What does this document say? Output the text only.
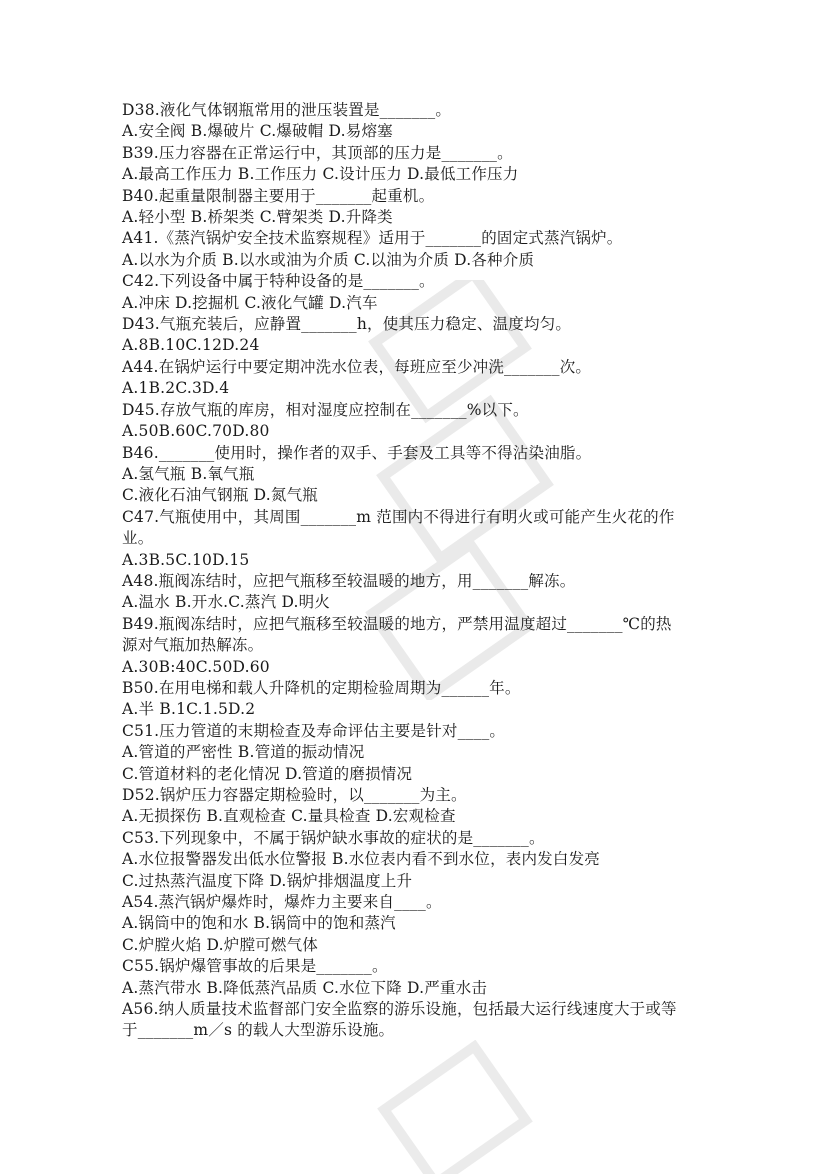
D38.液化气体钢瓶常用的泄压装置是_______。
A.安全阀 B.爆破片 C.爆破帽 D.易熔塞
B39.压力容器在正常运行中，其顶部的压力是_______。
A.最高工作压力 B.工作压力 C.设计压力 D.最低工作压力
B40.起重量限制器主要用于_______起重机。
A.轻小型 B.桥架类 C.臂架类 D.升降类
A41.《蒸汽锅炉安全技术监察规程》适用于_______的固定式蒸汽锅炉。
A.以水为介质 B.以水或油为介质 C.以油为介质 D.各种介质
C42.下列设备中属于特种设备的是_______。
A.冲床 D.挖掘机 C.液化气罐 D.汽车
D43.气瓶充装后，应静置_______h，使其压力稳定、温度均匀。
A.8B.10C.12D.24
A44.在锅炉运行中要定期冲洗水位表，每班应至少冲洗_______次。
A.1B.2C.3D.4
D45.存放气瓶的库房，相对湿度应控制在_______%以下。
A.50B.60C.70D.80
B46._______使用时，操作者的双手、手套及工具等不得沾染油脂。
A.氢气瓶 B.氧气瓶
C.液化石油气钢瓶 D.氮气瓶
C47.气瓶使用中，其周围_______m 范围内不得进行有明火或可能产生火花的作
业。
A.3B.5C.10D.15
A48.瓶阀冻结时，应把气瓶移至较温暖的地方，用_______解冻。
A.温水 B.开水.C.蒸汽 D.明火
B49.瓶阀冻结时，应把气瓶移至较温暖的地方，严禁用温度超过_______℃的热
源对气瓶加热解冻。
A.30B:40C.50D.60
B50.在用电梯和载人升降机的定期检验周期为______年。
A.半 B.1C.1.5D.2
C51.压力管道的末期检查及寿命评估主要是针对____。
A.管道的严密性 B.管道的振动情况
C.管道材料的老化情况 D.管道的磨损情况
D52.锅炉压力容器定期检验时，以_______为主。
A.无损探伤 B.直观检查 C.量具检查 D.宏观检查
C53.下列现象中，不属于锅炉缺水事故的症状的是_______。
A.水位报警器发出低水位警报 B.水位表内看不到水位，表内发白发亮
C.过热蒸汽温度下降 D.锅炉排烟温度上升
A54.蒸汽锅炉爆炸时，爆炸力主要来自____。
A.锅筒中的饱和水 B.锅筒中的饱和蒸汽
C.炉膛火焰 D.炉膛可燃气体
C55.锅炉爆管事故的后果是_______。
A.蒸汽带水 B.降低蒸汽品质 C.水位下降 D.严重水击
A56.纳人质量技术监督部门安全监察的游乐设施，包括最大运行线速度大于或等
于_______m／s 的载人大型游乐设施。
